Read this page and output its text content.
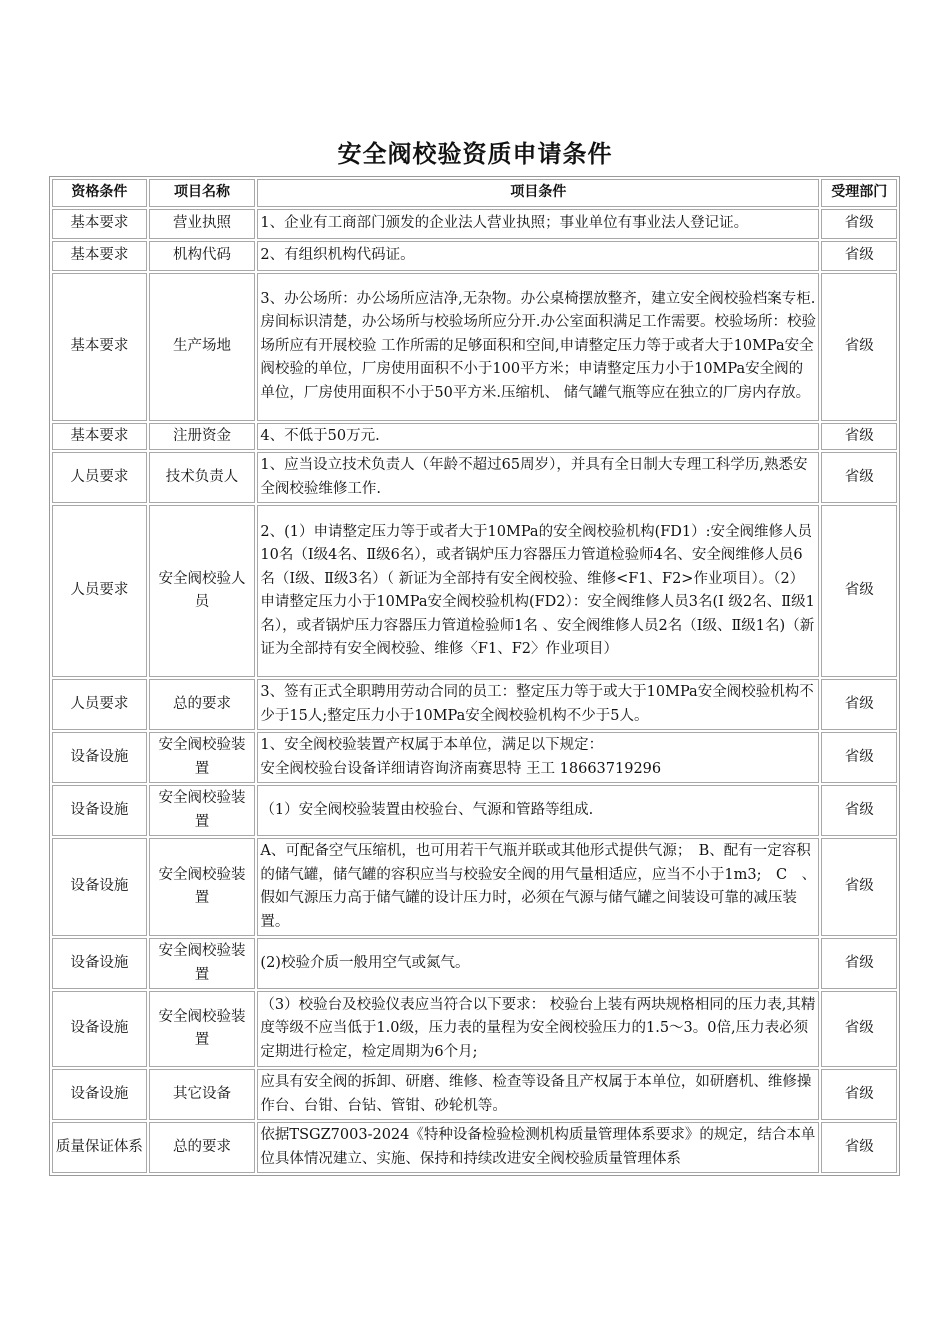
安全阀校验资质申请条件
资格条件	项目名称	项目条件	受理部门
基本要求	营业执照	1、企业有工商部门颁发的企业法人营业执照；事业单位有事业法人登记证。	省级
基本要求	机构代码	2、有组织机构代码证。	省级
基本要求	生产场地	3、办公场所：办公场所应洁净,无杂物。办公桌椅摆放整齐，建立安全阀校验档案专柜.房间标识清楚，办公场所与校验场所应分开.办公室面积满足工作需要。校验场所：校验场所应有开展校验 工作所需的足够面积和空间,申请整定压力等于或者大于10MPa安全阀校验的单位，厂房使用面积不小于100平方米；申请整定压力小于10MPa安全阀的单位，厂房使用面积不小于50平方米.压缩机、 储气罐气瓶等应在独立的厂房内存放。	省级
基本要求	注册资金	4、不低于50万元.	省级
人员要求	技术负责人	1、应当设立技术负责人（年龄不超过65周岁），并具有全日制大专理工科学历,熟悉安全阀校验维修工作.	省级
人员要求	安全阀校验人员	2、(1）申请整定压力等于或者大于10MPa的安全阀校验机构(FD1）:安全阀维修人员10名（Ⅰ级4名、Ⅱ级6名），或者锅炉压力容器压力管道检验师4名、安全阀维修人员6名（Ⅰ级、Ⅱ级3名）（ 新证为全部持有安全阀校验、维修<F1、F2>作业项目）。（2）申请整定压力小于10MPa安全阀校验机构(FD2）：安全阀维修人员3名(Ⅰ 级2名、Ⅱ级1名），或者锅炉压力容器压力管道检验师1名 、安全阀维修人员2名（Ⅰ级、Ⅱ级1名)（新证为全部持有安全阀校验、维修〈F1、F2〉作业项目）	省级
人员要求	总的要求	3、签有正式全职聘用劳动合同的员工：整定压力等于或大于10MPa安全阀校验机构不少于15人;整定压力小于10MPa安全阀校验机构不少于5人。	省级
设备设施	安全阀校验装置	1、安全阀校验装置产权属于本单位，满足以下规定：
安全阀校验台设备详细请咨询济南赛思特 王工 18663719296	省级
设备设施	安全阀校验装置	（1）安全阀校验装置由校验台、气源和管路等组成.	省级
设备设施	安全阀校验装置	A、可配备空气压缩机，也可用若干气瓶并联或其他形式提供气源；　B、配有一定容积的储气罐，储气罐的容积应当与校验安全阀的用气量相适应，应当不小于1m3;　C　、假如气源压力高于储气罐的设计压力时，必须在气源与储气罐之间装设可靠的减压装置。	省级
设备设施	安全阀校验装置	(2)校验介质一般用空气或氮气。	省级
设备设施	安全阀校验装置	（3）校验台及校验仪表应当符合以下要求： 校验台上装有两块规格相同的压力表,其精度等级不应当低于1.0级，压力表的量程为安全阀校验压力的1.5～3。0倍,压力表必须定期进行检定，检定周期为6个月;	省级
设备设施	其它设备	应具有安全阀的拆卸、研磨、维修、检查等设备且产权属于本单位，如研磨机、维修操作台、台钳、台钻、管钳、砂轮机等。	省级
质量保证体系	总的要求	依据TSGZ7003-2024《特种设备检验检测机构质量管理体系要求》的规定，结合本单位具体情况建立、实施、保持和持续改进安全阀校验质量管理体系	省级
